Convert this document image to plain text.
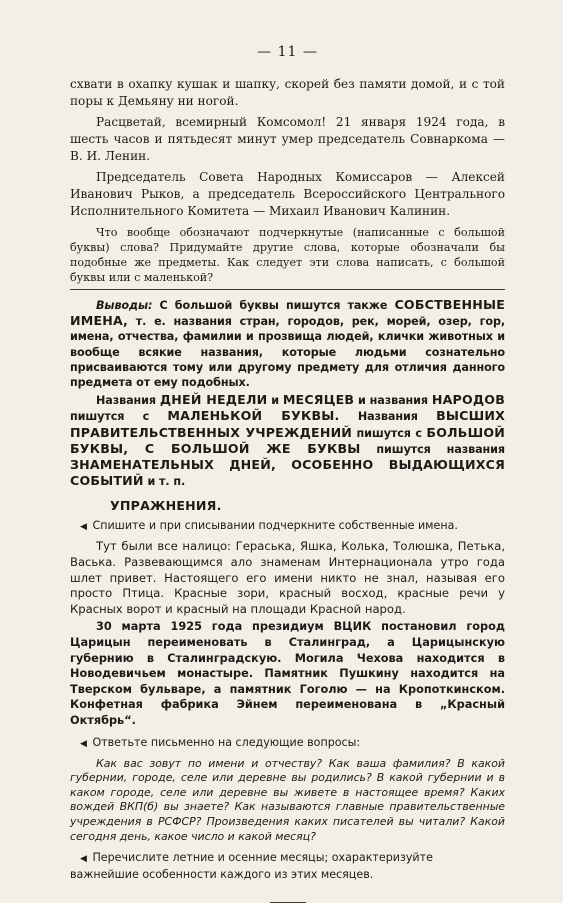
— 11 —

схвати в охапку кушак и шапку, скорей без памяти домой, и с той поры к Демьяну ни ногой.

Расцветай, всемирный Комсомол! 21 января 1924 года, в шесть часов и пятьдесят минут умер председатель Совнаркома — В. И. Ленин.

Председатель Совета Народных Комиссаров — Алексей Иванович Рыков, а председатель Всероссийского Центрального Исполнительного Комитета — Михаил Иванович Калинин.

Что вообще обозначают подчеркнутые (написанные с большой буквы) слова? Придумайте другие слова, которые обозначали бы подобные же предметы. Как следует эти слова написать, с большой буквы или с маленькой?

Выводы: С большой буквы пишутся также СОБСТВЕННЫЕ ИМЕНА, т. е. названия стран, городов, рек, морей, озер, гор, имена, отчества, фамилии и прозвища людей, клички животных и вообще всякие названия, которые людьми сознательно присваиваются тому или другому предмету для отличия данного предмета от ему подобных.

Названия ДНЕЙ НЕДЕЛИ и МЕСЯЦЕВ и названия НАРОДОВ пишутся с МАЛЕНЬКОЙ БУКВЫ. Названия ВЫСШИХ ПРАВИТЕЛЬСТВЕННЫХ УЧРЕЖДЕНИЙ пишутся с БОЛЬШОЙ БУКВЫ, С БОЛЬШОЙ ЖЕ БУКВЫ пишутся названия ЗНАМЕНАТЕЛЬНЫХ ДНЕЙ, ОСОБЕННО ВЫДАЮЩИХСЯ СОБЫТИЙ и т. п.

УПРАЖНЕНИЯ.

◀ Спишите и при списывании подчеркните собственные имена.

Тут были все налицо: Гераська, Яшка, Колька, Толюшка, Петька, Васька. Развевающимся ало знаменам Интернационала утро года шлет привет. Настоящего его имени никто не знал, называя его просто Птица. Красные зори, красный восход, красные речи у Красных ворот и красный на площади Красной народ.

30 марта 1925 года президиум ВЦИК постановил город Царицын переименовать в Сталинград, а Царицынскую губернию в Сталинградскую. Могила Чехова находится в Новодевичьем монастыре. Памятник Пушкину находится на Тверском бульваре, а памятник Гоголю — на Кропоткинском. Конфетная фабрика Эйнем переименована в „Красный Октябрь“.

◀ Ответьте письменно на следующие вопросы:

Как вас зовут по имени и отчеству? Как ваша фамилия? В какой губернии, городе, селе или деревне вы родились? В какой губернии и в каком городе, селе или деревне вы живете в настоящее время? Каких вождей ВКП(б) вы знаете? Как называются главные правительственные учреждения в РСФСР? Произведения каких писателей вы читали? Какой сегодня день, какое число и какой месяц?

◀ Перечислите летние и осенние месяцы; охарактеризуйте важнейшие особенности каждого из этих месяцев.
